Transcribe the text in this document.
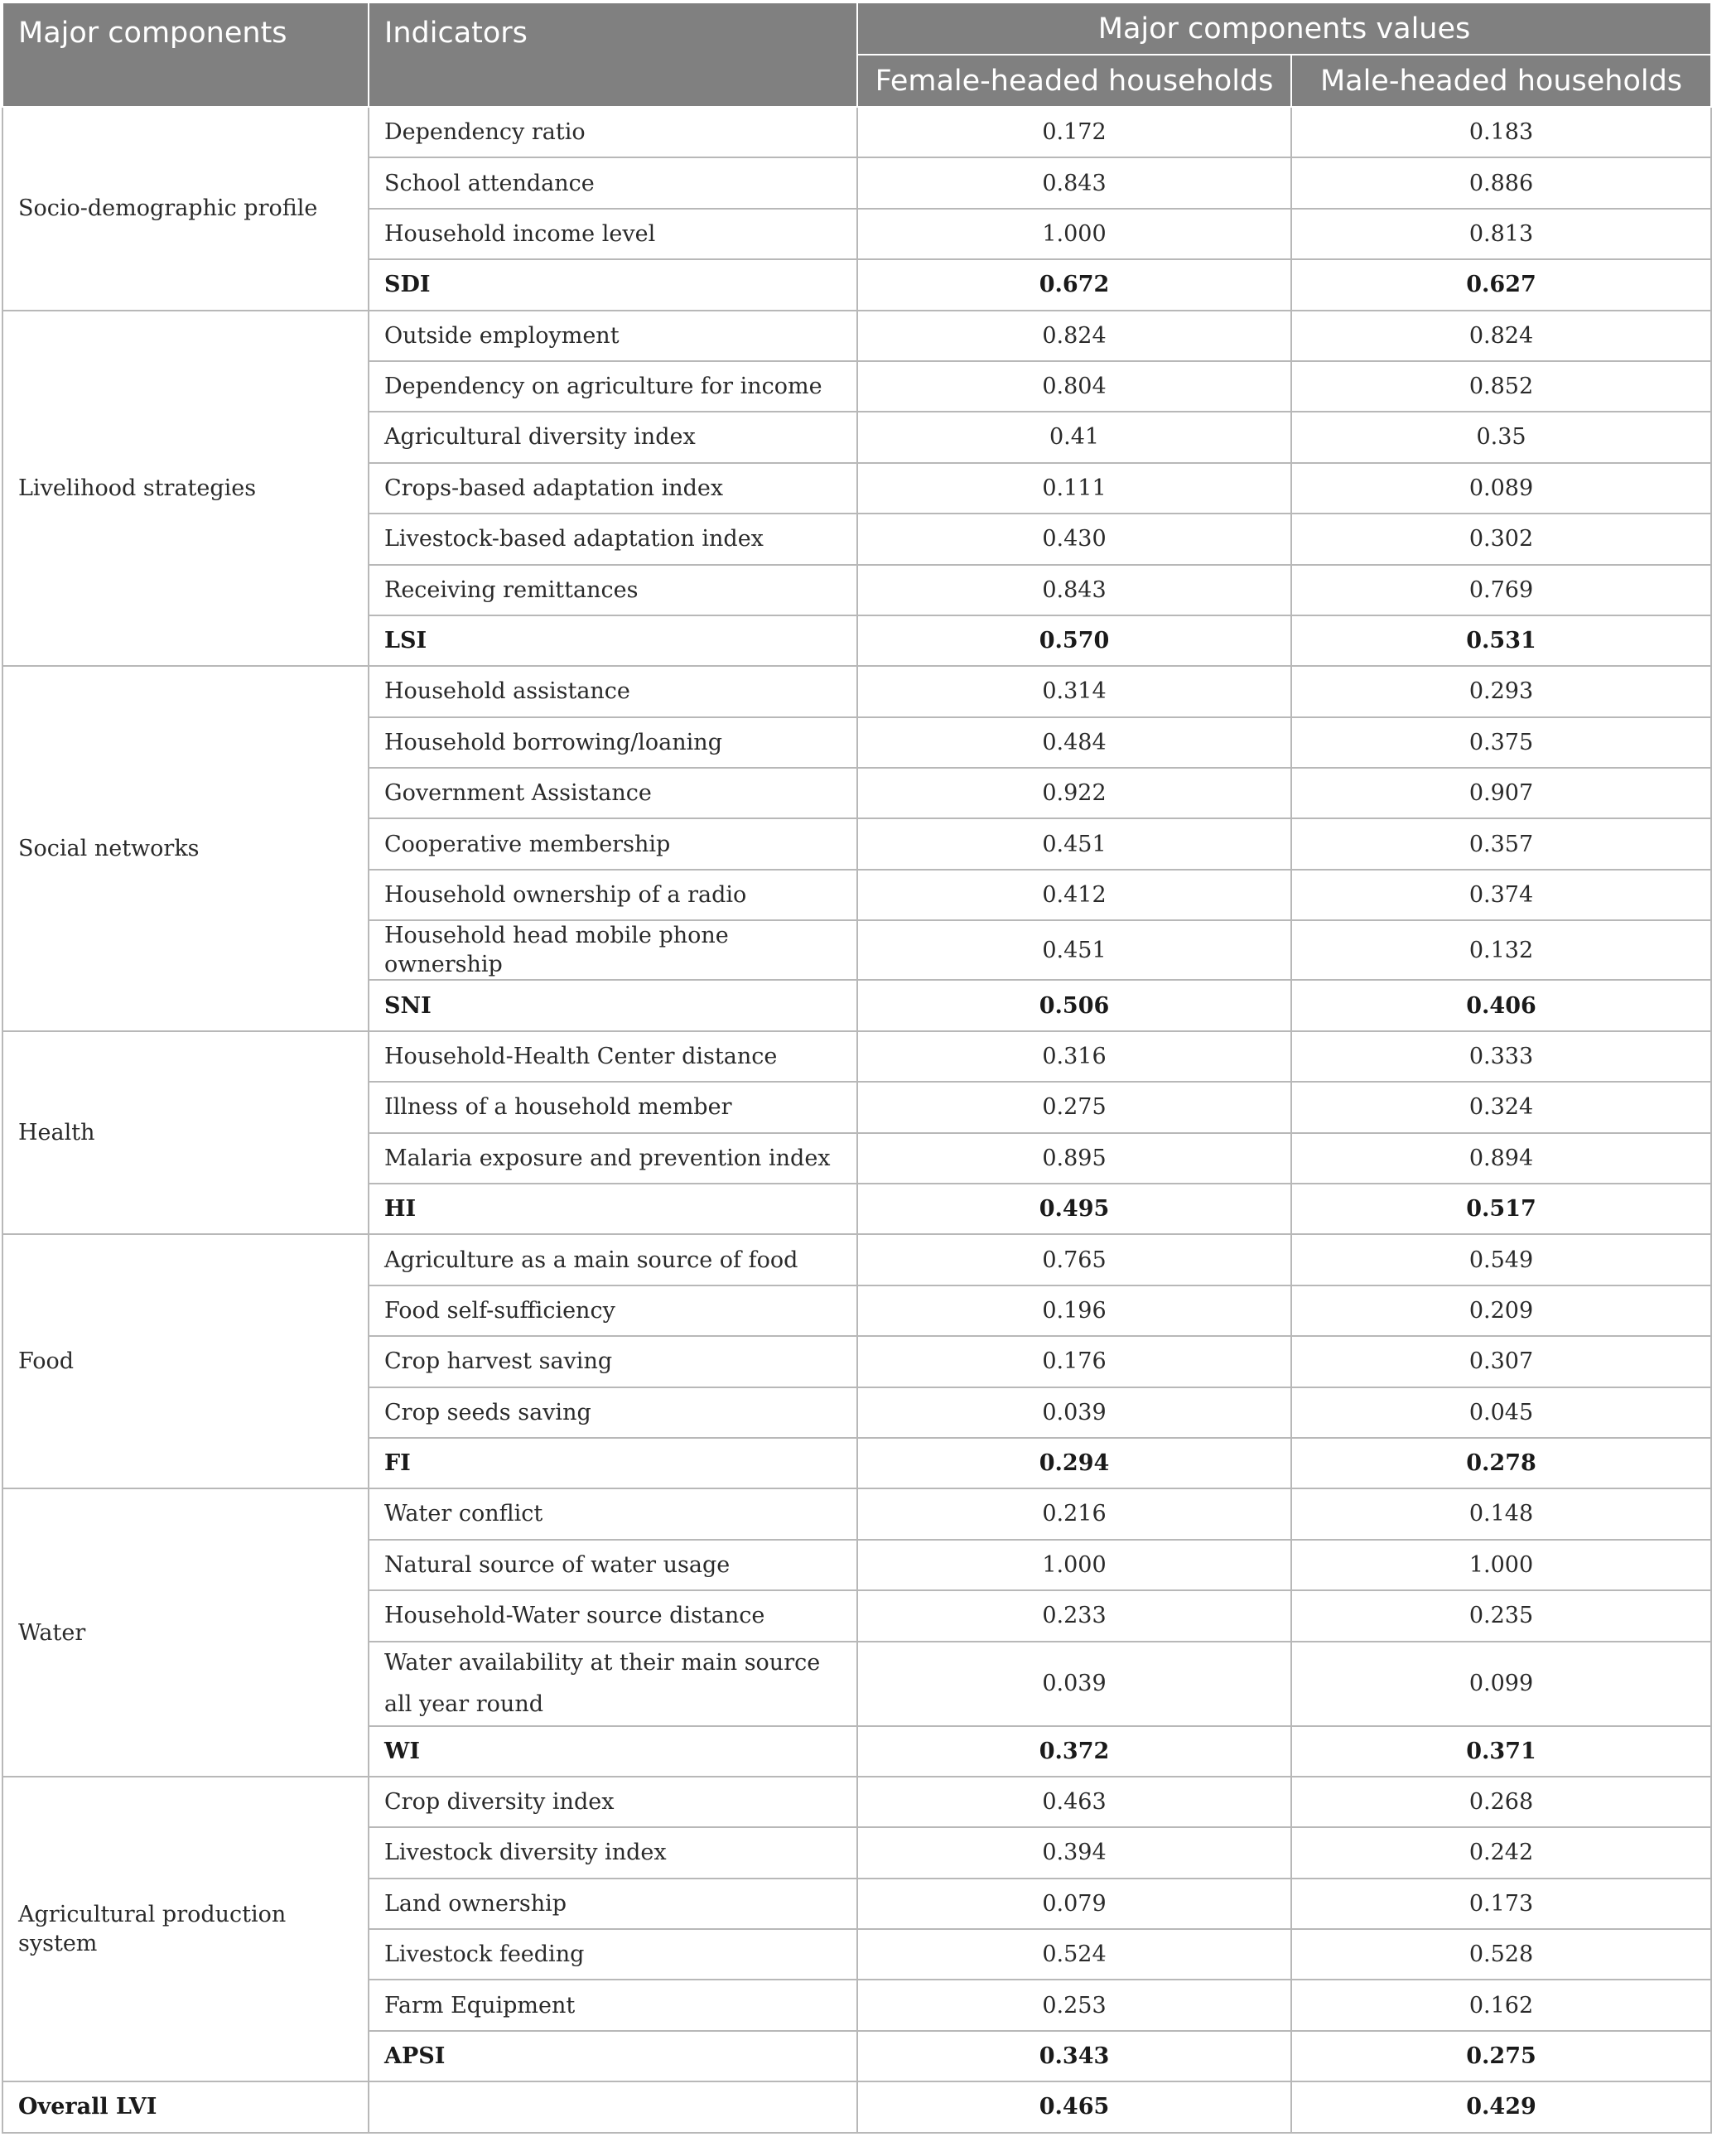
Major components	Indicators	Major components values	
		Female-headed households	Male-headed households
Socio-demographic profile	Dependency ratio	0.172	0.183
	School attendance	0.843	0.886
	Household income level	1.000	0.813
	SDI	0.672	0.627
Livelihood strategies	Outside employment	0.824	0.824
	Dependency on agriculture for income	0.804	0.852
	Agricultural diversity index	0.41	0.35
	Crops-based adaptation index	0.111	0.089
	Livestock-based adaptation index	0.430	0.302
	Receiving remittances	0.843	0.769
	LSI	0.570	0.531
Social networks	Household assistance	0.314	0.293
	Household borrowing/loaning	0.484	0.375
	Government Assistance	0.922	0.907
	Cooperative membership	0.451	0.357
	Household ownership of a radio	0.412	0.374
	Household head mobile phone ownership	0.451	0.132
	SNI	0.506	0.406
Health	Household-Health Center distance	0.316	0.333
	Illness of a household member	0.275	0.324
	Malaria exposure and prevention index	0.895	0.894
	HI	0.495	0.517
Food	Agriculture as a main source of food	0.765	0.549
	Food self-sufficiency	0.196	0.209
	Crop harvest saving	0.176	0.307
	Crop seeds saving	0.039	0.045
	FI	0.294	0.278
Water	Water conflict	0.216	0.148
	Natural source of water usage	1.000	1.000
	Household-Water source distance	0.233	0.235
	Water availability at their main source all year round	0.039	0.099
	WI	0.372	0.371
Agricultural production system	Crop diversity index	0.463	0.268
	Livestock diversity index	0.394	0.242
	Land ownership	0.079	0.173
	Livestock feeding	0.524	0.528
	Farm Equipment	0.253	0.162
	APSI	0.343	0.275
Overall LVI		0.465	0.429
